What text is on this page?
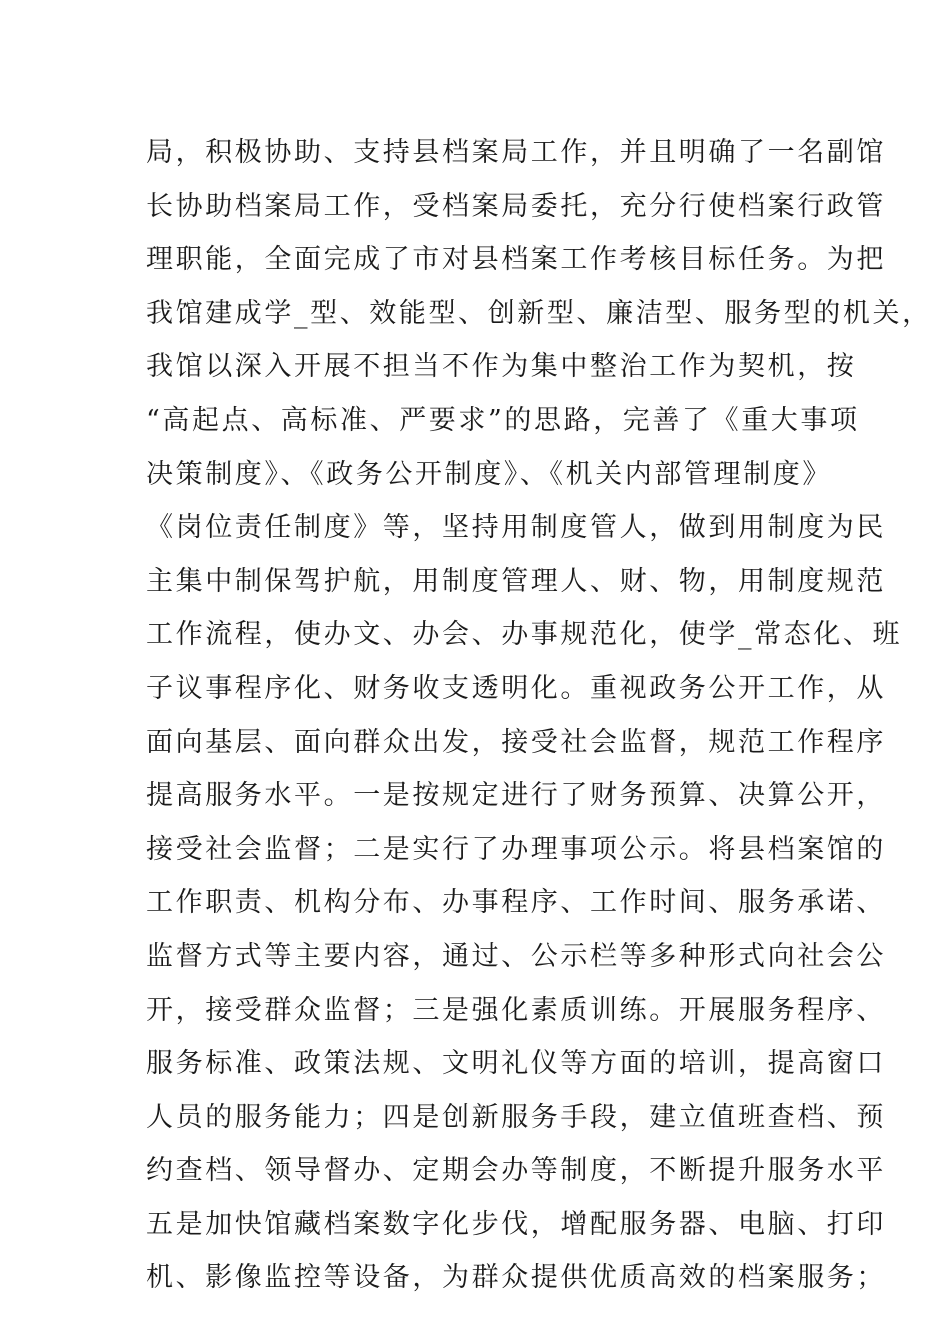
局，积极协助、支持县档案局工作，并且明确了一名副馆
长协助档案局工作，受档案局委托，充分行使档案行政管
理职能，全面完成了市对县档案工作考核目标任务。为把
我馆建成学_型、效能型、创新型、廉洁型、服务型的机关，
我馆以深入开展不担当不作为集中整治工作为契机，按
“高起点、高标准、严要求”的思路，完善了《重大事项
决策制度》、《政务公开制度》、《机关内部管理制度》
《岗位责任制度》等，坚持用制度管人，做到用制度为民
主集中制保驾护航，用制度管理人、财、物，用制度规范
工作流程，使办文、办会、办事规范化，使学_常态化、班
子议事程序化、财务收支透明化。重视政务公开工作，从
面向基层、面向群众出发，接受社会监督，规范工作程序
提高服务水平。一是按规定进行了财务预算、决算公开，
接受社会监督；二是实行了办理事项公示。将县档案馆的
工作职责、机构分布、办事程序、工作时间、服务承诺、
监督方式等主要内容，通过、公示栏等多种形式向社会公
开，接受群众监督；三是强化素质训练。开展服务程序、
服务标准、政策法规、文明礼仪等方面的培训，提高窗口
人员的服务能力；四是创新服务手段，建立值班查档、预
约查档、领导督办、定期会办等制度，不断提升服务水平
五是加快馆藏档案数字化步伐，增配服务器、电脑、打印
机、影像监控等设备，为群众提供优质高效的档案服务；
